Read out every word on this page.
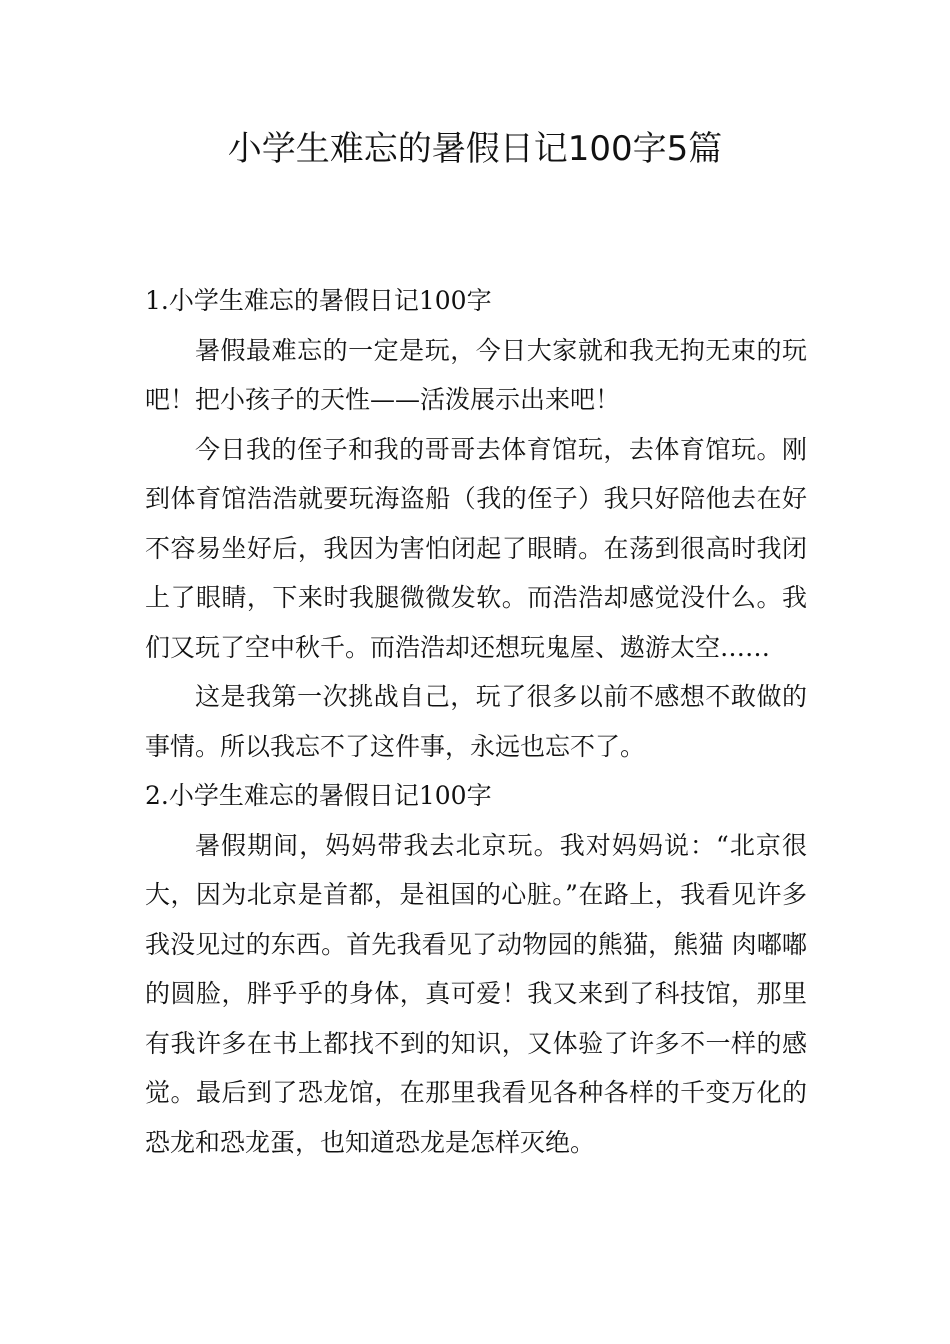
小学生难忘的暑假日记100字5篇
1.小学生难忘的暑假日记100字

暑假最难忘的一定是玩，今日大家就和我无拘无束的玩吧！把小孩子的天性——活泼展示出来吧！

今日我的侄子和我的哥哥去体育馆玩，去体育馆玩。刚到体育馆浩浩就要玩海盗船（我的侄子）我只好陪他去在好不容易坐好后，我因为害怕闭起了眼睛。在荡到很高时我闭上了眼睛，下来时我腿微微发软。而浩浩却感觉没什么。我们又玩了空中秋千。而浩浩却还想玩鬼屋、遨游太空……

这是我第一次挑战自己，玩了很多以前不感想不敢做的事情。所以我忘不了这件事，永远也忘不了。

2.小学生难忘的暑假日记100字

暑假期间，妈妈带我去北京玩。我对妈妈说：“北京很大，因为北京是首都，是祖国的心脏。”在路上，我看见许多我没见过的东西。首先我看见了动物园的熊猫，熊猫 肉嘟嘟的圆脸，胖乎乎的身体，真可爱！我又来到了科技馆，那里有我许多在书上都找不到的知识，又体验了许多不一样的感觉。最后到了恐龙馆，在那里我看见各种各样的千变万化的恐龙和恐龙蛋，也知道恐龙是怎样灭绝。
